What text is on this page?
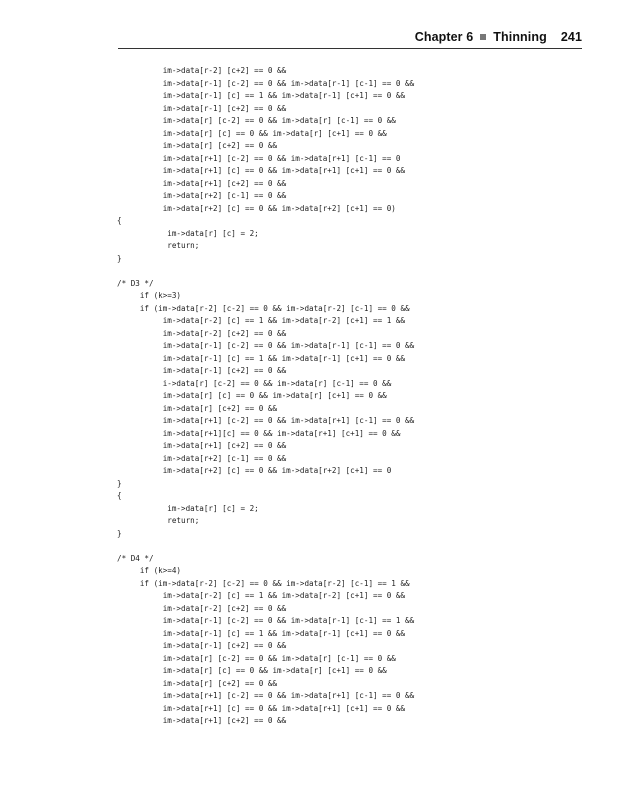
Chapter 6 Thinning 241
im->data[r-2] [c+2] == 0 &&
im->data[r-1] [c-2] == 0 && im->data[r-1] [c-1] == 0 &&
im->data[r-1] [c] == 1 && im->data[r-1] [c+1] == 0 &&
im->data[r-1] [c+2] == 0 &&
im->data[r] [c-2] == 0 && im->data[r] [c-1] == 0 &&
im->data[r] [c] == 0 && im->data[r] [c+1] == 0 &&
im->data[r] [c+2] == 0 &&
im->data[r+1] [c-2] == 0 && im->data[r+1] [c-1] == 0
im->data[r+1] [c] == 0 && im->data[r+1] [c+1] == 0 &&
im->data[r+1] [c+2] == 0 &&
im->data[r+2] [c-1] == 0 &&
im->data[r+2] [c] == 0 && im->data[r+2] [c+1] == 0)
{
im->data[r] [c] = 2;
return;
}
/* D3 */
if (k>=3)
if (im->data[r-2] [c-2] == 0 && im->data[r-2] [c-1] == 0 &&
im->data[r-2] [c] == 1 && im->data[r-2] [c+1] == 1 &&
im->data[r-2] [c+2] == 0 &&
im->data[r-1] [c-2] == 0 && im->data[r-1] [c-1] == 0 &&
im->data[r-1] [c] == 1 && im->data[r-1] [c+1] == 0 &&
im->data[r-1] [c+2] == 0 &&
i->data[r] [c-2] == 0 && im->data[r] [c-1] == 0 &&
im->data[r] [c] == 0 && im->data[r] [c+1] == 0 &&
im->data[r] [c+2] == 0 &&
im->data[r+1] [c-2] == 0 && im->data[r+1] [c-1] == 0 &&
im->data[r+1][c] == 0 && im->data[r+1] [c+1] == 0 &&
im->data[r+1] [c+2] == 0 &&
im->data[r+2] [c-1] == 0 &&
im->data[r+2] [c] == 0 && im->data[r+2] [c+1] == 0
}
{
im->data[r] [c] = 2;
return;
}
/* D4 */
if (k>=4)
if (im->data[r-2] [c-2] == 0 && im->data[r-2] [c-1] == 1 &&
im->data[r-2] [c] == 1 && im->data[r-2] [c+1] == 0 &&
im->data[r-2] [c+2] == 0 &&
im->data[r-1] [c-2] == 0 && im->data[r-1] [c-1] == 1 &&
im->data[r-1] [c] == 1 && im->data[r-1] [c+1] == 0 &&
im->data[r-1] [c+2] == 0 &&
im->data[r] [c-2] == 0 && im->data[r] [c-1] == 0 &&
im->data[r] [c] == 0 && im->data[r] [c+1] == 0 &&
im->data[r] [c+2] == 0 &&
im->data[r+1] [c-2] == 0 && im->data[r+1] [c-1] == 0 &&
im->data[r+1] [c] == 0 && im->data[r+1] [c+1] == 0 &&
im->data[r+1] [c+2] == 0 &&
